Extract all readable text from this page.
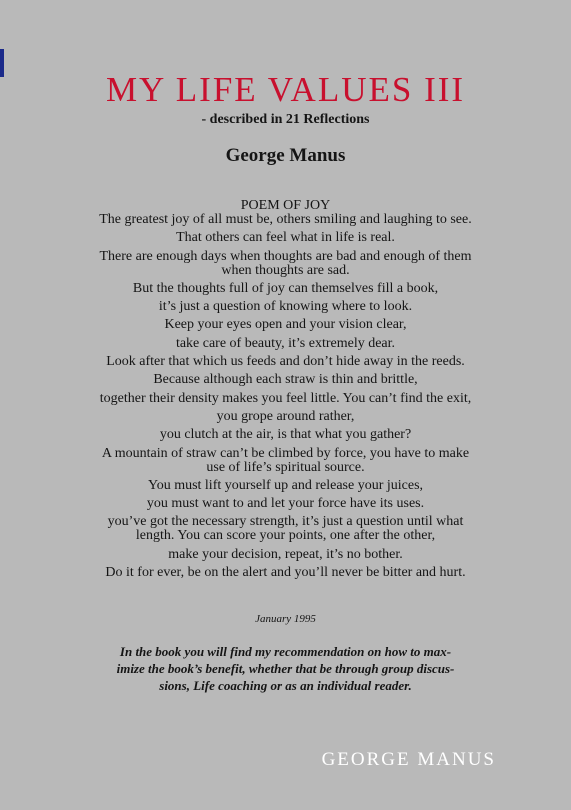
MY LIFE VALUES III

- described in 21 Reflections

George Manus

POEM OF JOY

The greatest joy of all must be, others smiling and laughing to see.
That others can feel what in life is real.
There are enough days when thoughts are bad and enough of them
when thoughts are sad.
But the thoughts full of joy can themselves fill a book,
it’s just a question of knowing where to look.
Keep your eyes open and your vision clear,
take care of beauty, it’s extremely dear.
Look after that which us feeds and don’t hide away in the reeds.
Because although each straw is thin and brittle,
together their density makes you feel little. You can’t find the exit,
you grope around rather,
you clutch at the air, is that what you gather?
A mountain of straw can’t be climbed by force, you have to make
use of life’s spiritual source.
You must lift yourself up and release your juices,
you must want to and let your force have its uses.
you’ve got the necessary strength, it’s just a question until what
length. You can score your points, one after the other,
make your decision, repeat, it’s no bother.
Do it for ever, be on the alert and you’ll never be bitter and hurt.

January 1995

In the book you will find my recommendation on how to max-
imize the book’s benefit, whether that be through group discus-
sions, Life coaching or as an individual reader.

GEORGE MANUS
